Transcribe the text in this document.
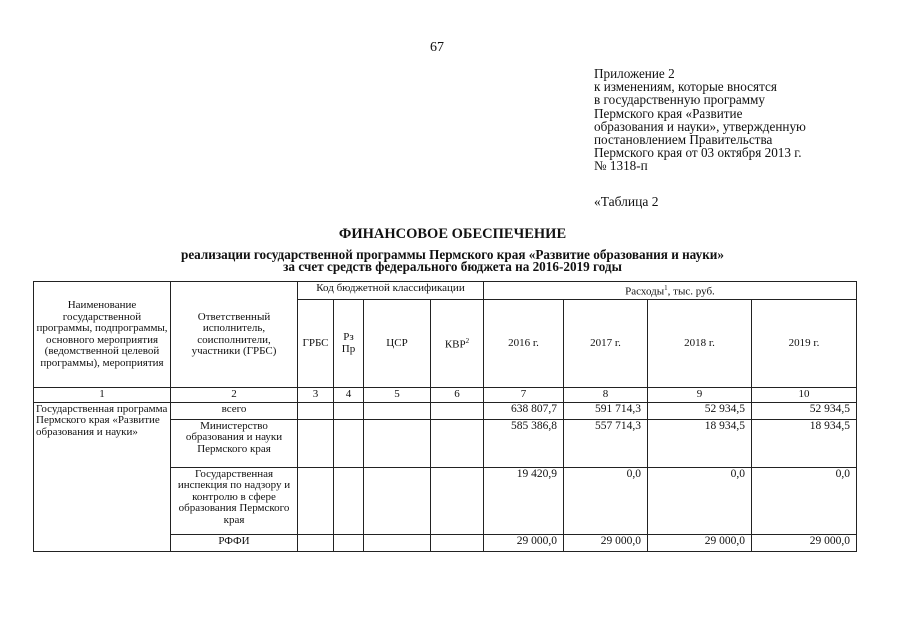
67
Приложение 2
к изменениям, которые вносятся
в государственную программу
Пермского края «Развитие
образования и науки», утвержденную
постановлением Правительства
Пермского края от 03 октября 2013 г.
№ 1318-п
«Таблица 2
ФИНАНСОВОЕ ОБЕСПЕЧЕНИЕ
реализации государственной программы Пермского края «Развитие образования и науки»
за счет средств федерального бюджета на 2016-2019 годы
Наименование государственной программы, подпрограммы, основного мероприятия (ведомственной целевой программы), мероприятия	Ответственный исполнитель, соисполнители, участники (ГРБС)	Код бюджетной классификации				Расходы$^1$, тыс. руб.			
		ГРБС	Рз Пр	ЦСР	КВР$^2$	2016 г.	2017 г.	2018 г.	2019 г.
1	2	3	4	5	6	7	8	9	10
Государственная программа Пермского края «Развитие образования и науки»	всего					638 807,7	591 714,3	52 934,5	52 934,5
	Министерство образования и науки Пермского края					585 386,8	557 714,3	18 934,5	18 934,5
	Государственная инспекция по надзору и контролю в сфере образования Пермского края					19 420,9	0,0	0,0	0,0
	РФФИ					29 000,0	29 000,0	29 000,0	29 000,0
